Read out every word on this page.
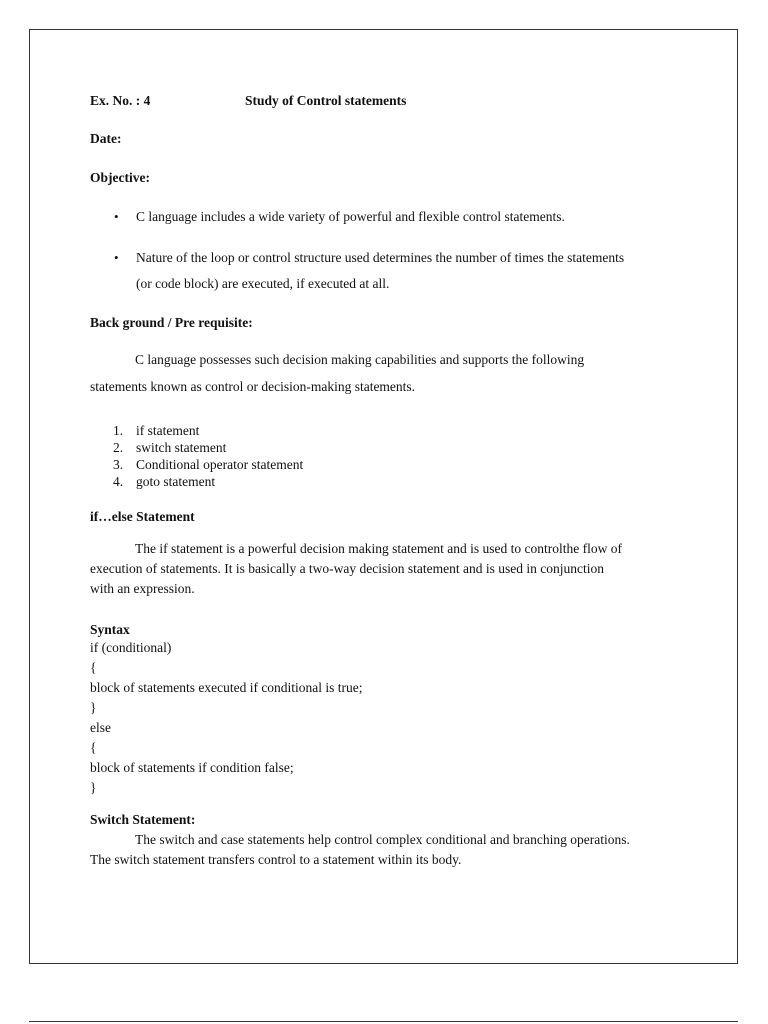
Ex. No. : 4	Study of Control statements
Date:
Objective:
• C language includes a wide variety of powerful and flexible control statements.
• Nature of the loop or control structure used determines the number of times the statements
(or code block) are executed, if executed at all.
Back ground / Pre requisite:
C language possesses such decision making capabilities and supports the following
statements known as control or decision-making statements.
1. if statement
2. switch statement
3. Conditional operator statement
4. goto statement
if…else Statement
The if statement is a powerful decision making statement and is used to controlthe flow of
execution of statements. It is basically a two-way decision statement and is used in conjunction
with an expression.
Syntax
if (conditional)
{
block of statements executed if conditional is true;
}
else
{
block of statements if condition false;
}
Switch Statement:
The switch and case statements help control complex conditional and branching operations.
The switch statement transfers control to a statement within its body.
